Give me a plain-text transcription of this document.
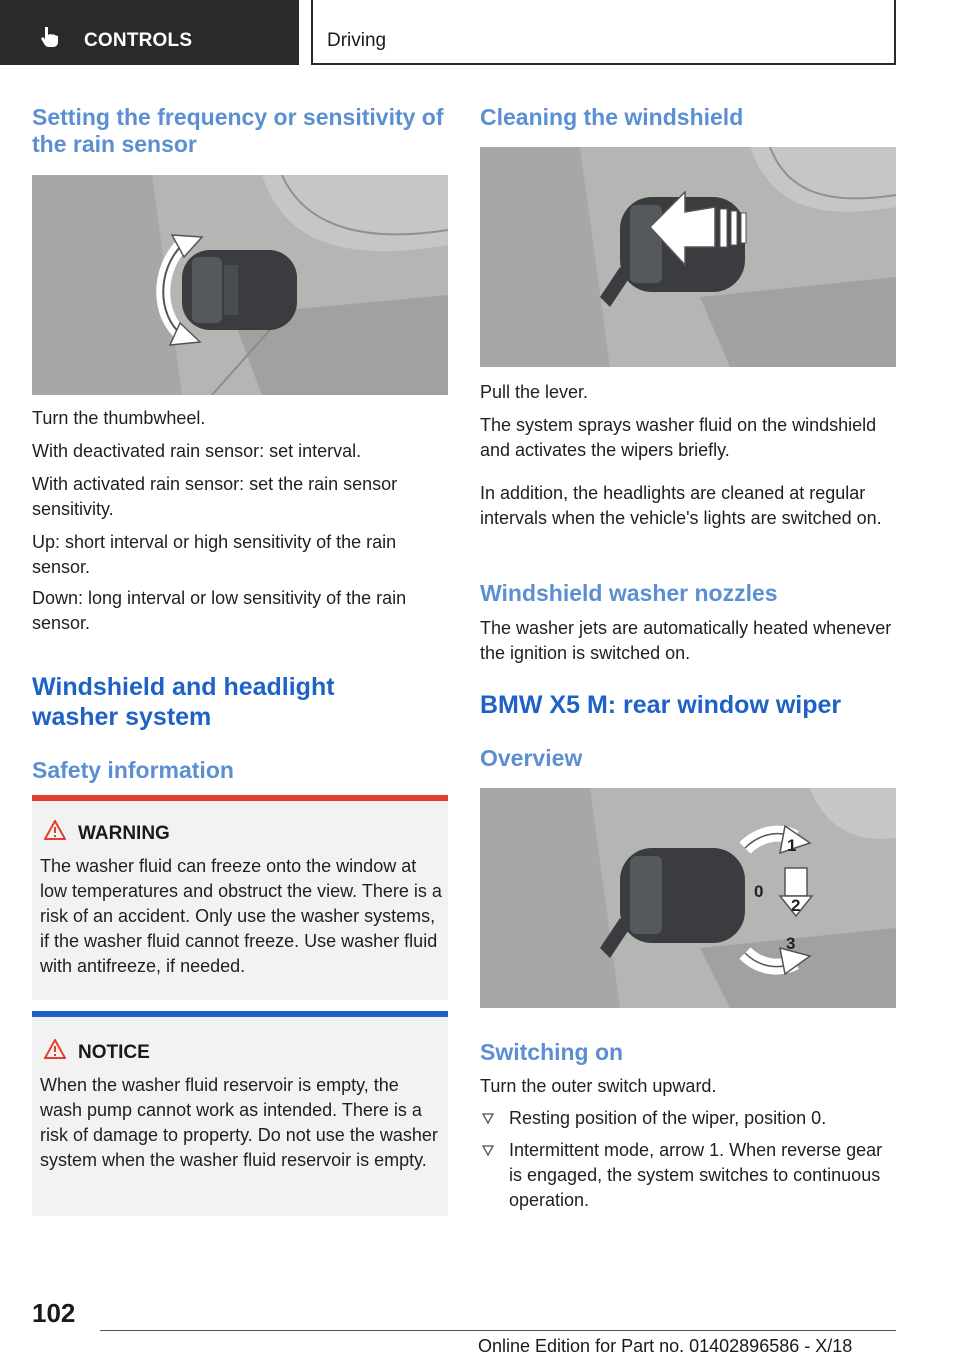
CONTROLS	Driving
Setting the frequency or sensitivity of the rain sensor
Turn the thumbwheel.
With deactivated rain sensor: set interval.
With activated rain sensor: set the rain sensor sensitivity.
Up: short interval or high sensitivity of the rain sensor.
Down: long interval or low sensitivity of the rain sensor.
Windshield and headlight washer system
Safety information
WARNING
The washer fluid can freeze onto the window at low temperatures and obstruct the view. There is a risk of an accident. Only use the washer systems, if the washer fluid cannot freeze. Use washer fluid with antifreeze, if needed.
NOTICE
When the washer fluid reservoir is empty, the wash pump cannot work as intended. There is a risk of damage to property. Do not use the washer system when the washer fluid reservoir is empty.
Cleaning the windshield
Pull the lever.
The system sprays washer fluid on the windshield and activates the wipers briefly.
In addition, the headlights are cleaned at regular intervals when the vehicle's lights are switched on.
Windshield washer nozzles
The washer jets are automatically heated whenever the ignition is switched on.
BMW X5 M: rear window wiper
Overview
1
0
2
3
Switching on
Turn the outer switch upward.
Resting position of the wiper, position 0.
Intermittent mode, arrow 1. When reverse gear is engaged, the system switches to continuous operation.
102
Online Edition for Part no. 01402896586 - X/18
